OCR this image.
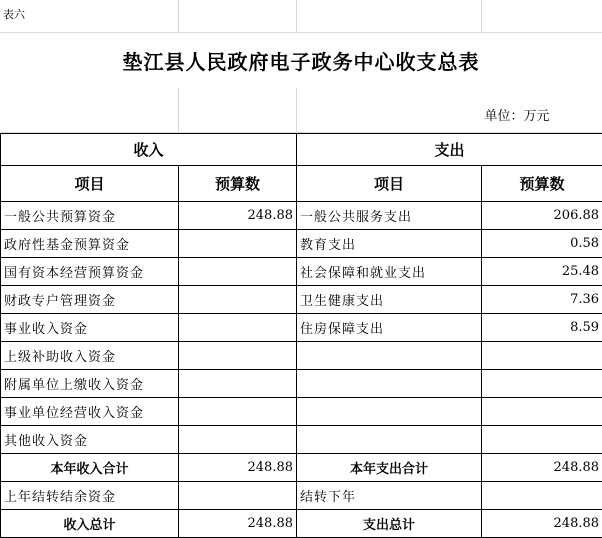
表六			
垫江县人民政府电子政务中心收支总表			
		单位：万元	
收入		支出	
项目	预算数	项目	预算数
一般公共预算资金	248.88	一般公共服务支出	206.88
政府性基金预算资金		教育支出	0.58
国有资本经营预算资金		社会保障和就业支出	25.48
财政专户管理资金		卫生健康支出	7.36
事业收入资金		住房保障支出	8.59
上级补助收入资金			
附属单位上缴收入资金			
事业单位经营收入资金			
其他收入资金			
本年收入合计	248.88	本年支出合计	248.88
上年结转结余资金		结转下年	
收入总计	248.88	支出总计	248.88
